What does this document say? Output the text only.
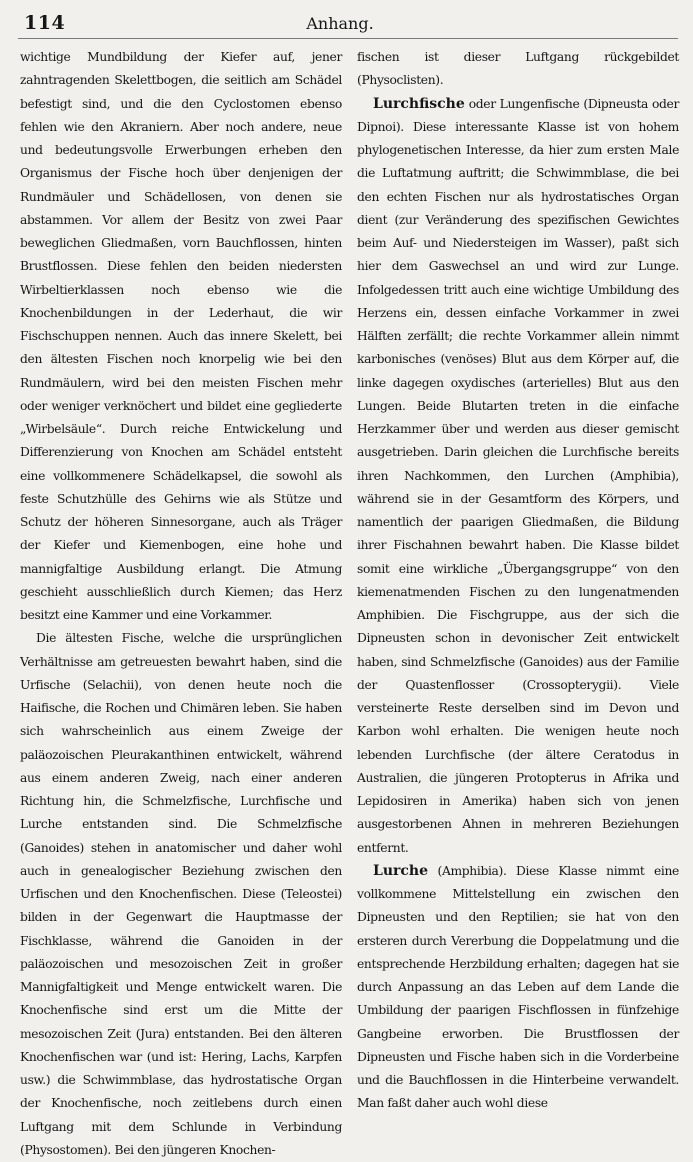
114	Anhang.

wichtige Mundbildung der Kiefer auf, jener zahntragenden Skelettbogen, die seitlich am Schädel befestigt sind, und die den Cyclostomen ebenso fehlen wie den Akraniern. Aber noch andere, neue und bedeutungsvolle Erwerbungen erheben den Organismus der Fische hoch über denjenigen der Rundmäuler und Schädellosen, von denen sie abstammen. Vor allem der Besitz von zwei Paar beweglichen Gliedmaßen, vorn Bauchflossen, hinten Brustflossen. Diese fehlen den beiden niedersten Wirbeltierklassen noch ebenso wie die Knochenbildungen in der Lederhaut, die wir Fischschuppen nennen. Auch das innere Skelett, bei den ältesten Fischen noch knorpelig wie bei den Rundmäulern, wird bei den meisten Fischen mehr oder weniger verknöchert und bildet eine gegliederte „Wirbelsäule“. Durch reiche Entwickelung und Differenzierung von Knochen am Schädel entsteht eine vollkommenere Schädelkapsel, die sowohl als feste Schutzhülle des Gehirns wie als Stütze und Schutz der höheren Sinnesorgane, auch als Träger der Kiefer und Kiemenbogen, eine hohe und mannigfaltige Ausbildung erlangt. Die Atmung geschieht ausschließlich durch Kiemen; das Herz besitzt eine Kammer und eine Vorkammer.

Die ältesten Fische, welche die ursprünglichen Verhältnisse am getreuesten bewahrt haben, sind die Urfische (Selachii), von denen heute noch die Haifische, die Rochen und Chimären leben. Sie haben sich wahrscheinlich aus einem Zweige der paläozoischen Pleurakanthinen entwickelt, während aus einem anderen Zweig, nach einer anderen Richtung hin, die Schmelzfische, Lurchfische und Lurche entstanden sind. Die Schmelzfische (Ganoides) stehen in anatomischer und daher wohl auch in genealogischer Beziehung zwischen den Urfischen und den Knochenfischen. Diese (Teleostei) bilden in der Gegenwart die Hauptmasse der Fischklasse, während die Ganoiden in der paläozoischen und mesozoischen Zeit in großer Mannigfaltigkeit und Menge entwickelt waren. Die Knochenfische sind erst um die Mitte der mesozoischen Zeit (Jura) entstanden. Bei den älteren Knochenfischen war (und ist: Hering, Lachs, Karpfen usw.) die Schwimmblase, das hydrostatische Organ der Knochenfische, noch zeitlebens durch einen Luftgang mit dem Schlunde in Verbindung (Physostomen). Bei den jüngeren Knochen-

fischen ist dieser Luftgang rückgebildet (Physoclisten).

Lurchfische oder Lungenfische (Dipneusta oder Dipnoi). Diese interessante Klasse ist von hohem phylogenetischen Interesse, da hier zum ersten Male die Luftatmung auftritt; die Schwimmblase, die bei den echten Fischen nur als hydrostatisches Organ dient (zur Veränderung des spezifischen Gewichtes beim Auf- und Niedersteigen im Wasser), paßt sich hier dem Gaswechsel an und wird zur Lunge. Infolgedessen tritt auch eine wichtige Umbildung des Herzens ein, dessen einfache Vorkammer in zwei Hälften zerfällt; die rechte Vorkammer allein nimmt karbonisches (venöses) Blut aus dem Körper auf, die linke dagegen oxydisches (arterielles) Blut aus den Lungen. Beide Blutarten treten in die einfache Herzkammer über und werden aus dieser gemischt ausgetrieben. Darin gleichen die Lurchfische bereits ihren Nachkommen, den Lurchen (Amphibia), während sie in der Gesamtform des Körpers, und namentlich der paarigen Gliedmaßen, die Bildung ihrer Fischahnen bewahrt haben. Die Klasse bildet somit eine wirkliche „Übergangsgruppe“ von den kiemenatmenden Fischen zu den lungenatmenden Amphibien. Die Fischgruppe, aus der sich die Dipneusten schon in devonischer Zeit entwickelt haben, sind Schmelzfische (Ganoides) aus der Familie der Quastenflosser (Crossopterygii). Viele versteinerte Reste derselben sind im Devon und Karbon wohl erhalten. Die wenigen heute noch lebenden Lurchfische (der ältere Ceratodus in Australien, die jüngeren Protopterus in Afrika und Lepidosiren in Amerika) haben sich von jenen ausgestorbenen Ahnen in mehreren Beziehungen entfernt.

Lurche (Amphibia). Diese Klasse nimmt eine vollkommene Mittelstellung ein zwischen den Dipneusten und den Reptilien; sie hat von den ersteren durch Vererbung die Doppelatmung und die entsprechende Herzbildung erhalten; dagegen hat sie durch Anpassung an das Leben auf dem Lande die Umbildung der paarigen Fischflossen in fünfzehige Gangbeine erworben. Die Brustflossen der Dipneusten und Fische haben sich in die Vorderbeine und die Bauchflossen in die Hinterbeine verwandelt. Man faßt daher auch wohl diese
